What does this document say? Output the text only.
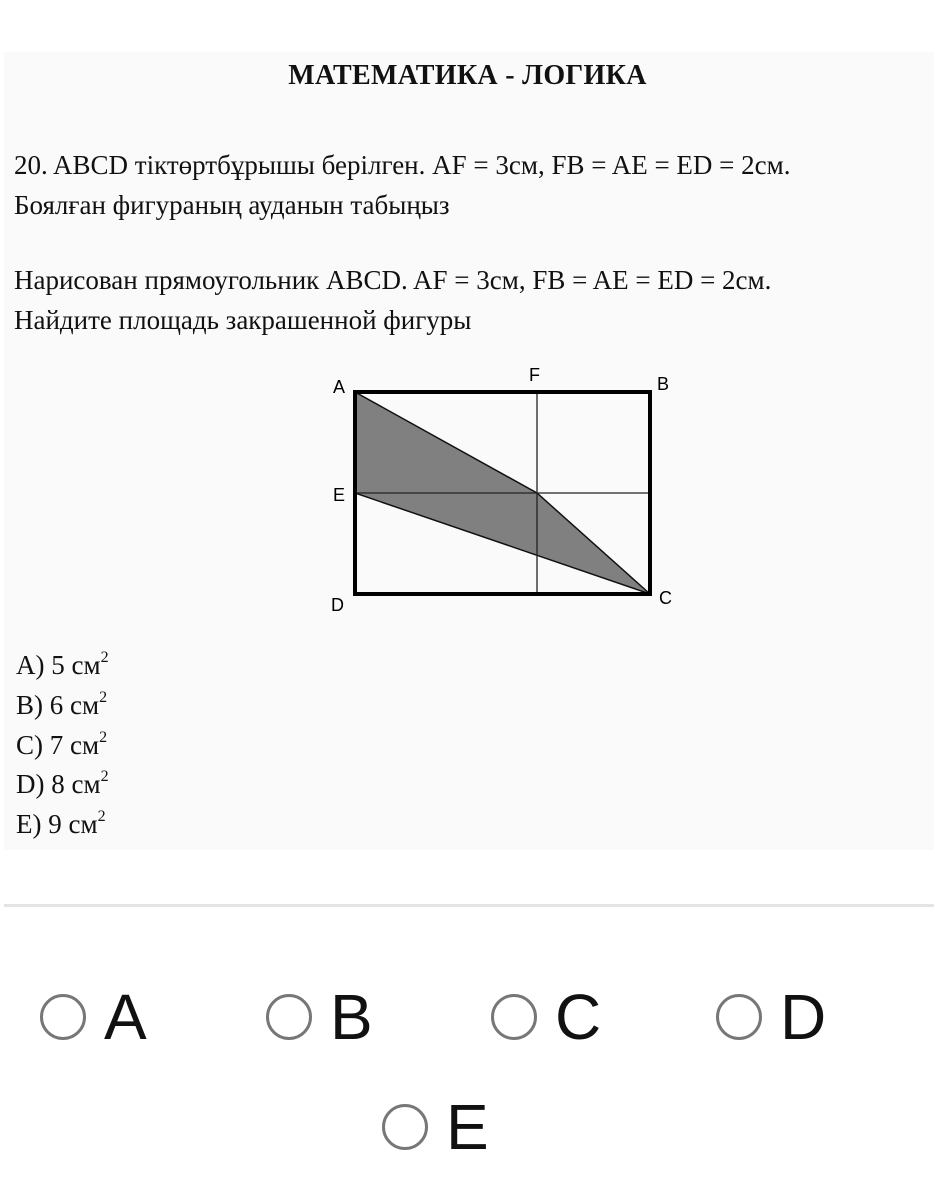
МАТЕМАТИКА - ЛОГИКА
20. ABCD тіктөртбұрышы берілген. AF = 3см, FB = AE = ED = 2см.
Боялған фигураның ауданын табыңыз
Нарисован прямоугольник ABCD. AF = 3см, FB = AE = ED = 2см.
Найдите площадь закрашенной фигуры
A
F	B
E
D	C
A) 5 $см^2$
B) 6 $см^2$
C) 7 $см^2$
D) 8 $см^2$
E) 9 $см^2$
A	B	C	D
E
